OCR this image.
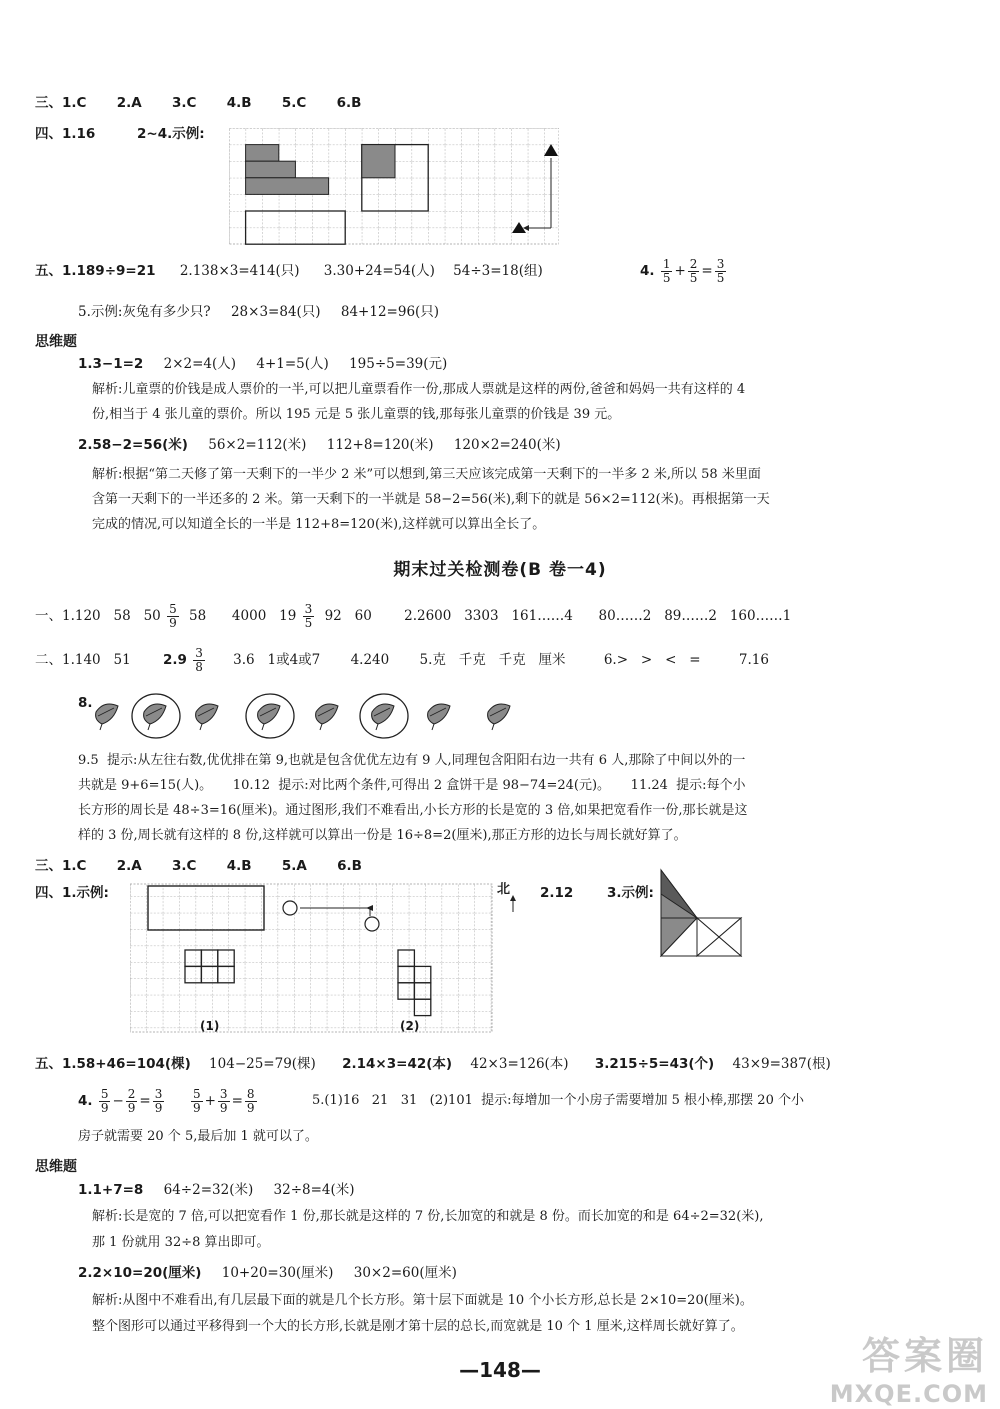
三、1.C 2.A 3.C 4.B 5.C 6.B
四、1.16	2~4.示例:
五、1.189÷9=21 2.138×3=414(只) 3.30+24=54(人) 54÷3=18(组)	4. $\frac{1}{5} + \frac{2}{5} = \frac{3}{5}$
5.示例:灰兔有多少只? 28×3=84(只) 84+12=96(只)
思维题
1.3−1=2 2×2=4(人) 4+1=5(人) 195÷5=39(元)
解析:儿童票的价钱是成人票价的一半,可以把儿童票看作一份,那成人票就是这样的两份,爸爸和妈妈一共有这样的 4
份,相当于 4 张儿童的票价。所以 195 元是 5 张儿童票的钱,那每张儿童票的价钱是 39 元。
2.58−2=56(米) 56×2=112(米) 112+8=120(米) 120×2=240(米)
解析:根据“第二天修了第一天剩下的一半少 2 米”可以想到,第三天应该完成第一天剩下的一半多 2 米,所以 58 米里面
含第一天剩下的一半还多的 2 米。第一天剩下的一半就是 58−2=56(米),剩下的就是 56×2=112(米)。再根据第一天
完成的情况,可以知道全长的一半是 112+8=120(米),这样就可以算出全长了。
期末过关检测卷(B 卷一4)
一、1.120   58   $50 \frac{5}{9} 58$      4000   $19 \frac{3}{5} 92$   60 2.2600   3303   161……4      80……2   89……2   160……1
二、1.140   51 $2.9 \frac{3}{8} 3.6$   1或4或7 4.240 5.克   千克   千克   厘米	6.>   >   <   =	7.16
8.
9.5  提示:从左往右数,优优排在第 9,也就是包含优优左边有 9 人,同理包含阳阳右边一共有 6 人,那除了中间以外的一
共就是 9+6=15(人)。     10.12  提示:对比两个条件,可得出 2 盒饼干是 98−74=24(元)。     11.24  提示:每个小
长方形的周长是 48÷3=16(厘米)。通过图形,我们不难看出,小长方形的长是宽的 3 倍,如果把宽看作一份,那长就是这
样的 3 份,周长就有这样的 8 份,这样就可以算出一份是 16÷8=2(厘米),那正方形的边长与周长就好算了。
三、1.C 2.A 3.C 4.B 5.A 6.B
四、1.示例:
(1)	(2)
北 2.12 3.示例:
五、1.58+46=104(棵) 104−25=79(棵) 2.14×3=42(本) 42×3=126(本) 3.215÷5=43(个) 43×9=387(根)
4. $\frac{5}{9} - \frac{2}{9} = \frac{3}{9}$
$\frac{5}{9} + \frac{3}{9} = \frac{8}{9}$	5.(1)16   21   31   (2)101  提示:每增加一个小房子需要增加 5 根小棒,那摆 20 个小
房子就需要 20 个 5,最后加 1 就可以了。
思维题
1.1+7=8 64÷2=32(米) 32÷8=4(米)
解析:长是宽的 7 倍,可以把宽看作 1 份,那长就是这样的 7 份,长加宽的和就是 8 份。而长加宽的和是 64÷2=32(米),
那 1 份就用 32÷8 算出即可。
2.2×10=20(厘米) 10+20=30(厘米) 30×2=60(厘米)
解析:从图中不难看出,有几层最下面的就是几个长方形。第十层下面就是 10 个小长方形,总长是 2×10=20(厘米)。
整个图形可以通过平移得到一个大的长方形,长就是刚才第十层的总长,而宽就是 10 个 1 厘米,这样周长就好算了。
—148—	答案圈
MXQE.COM
